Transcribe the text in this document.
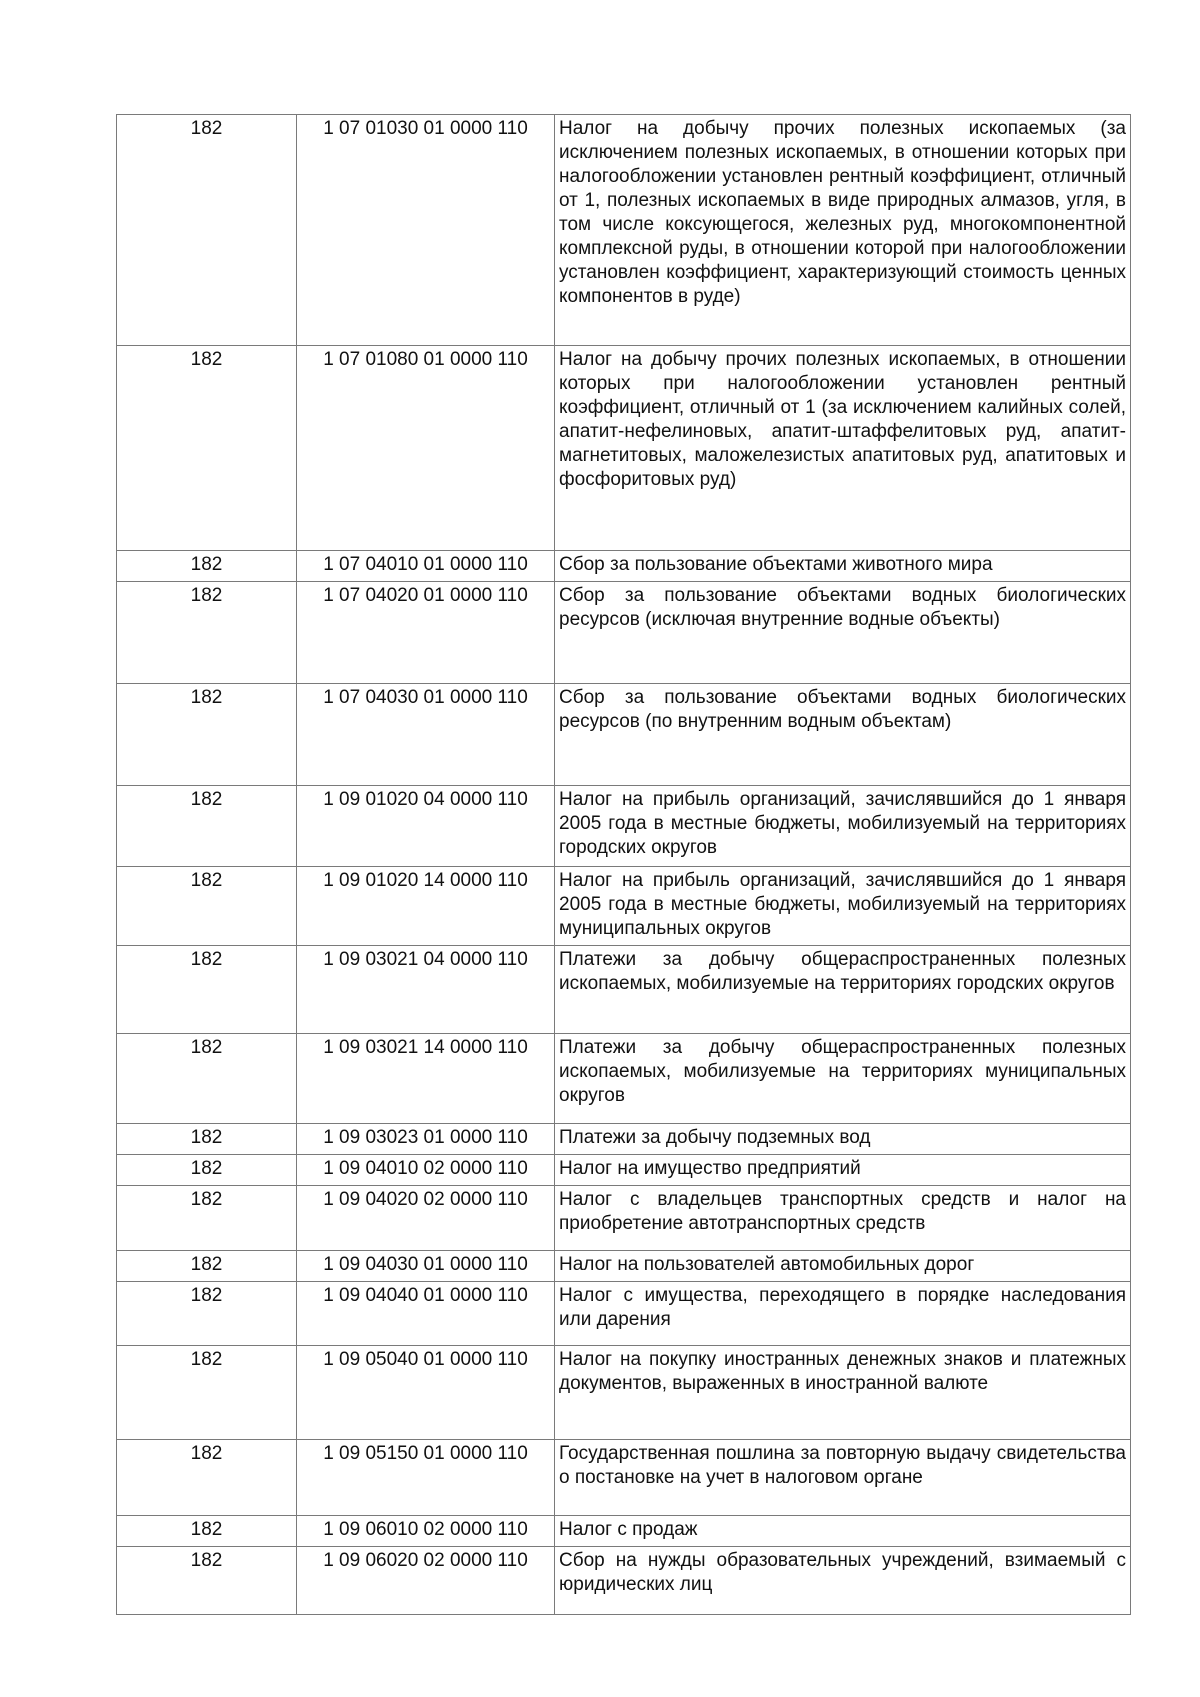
182	1 07 01030 01 0000 110	Налог на добычу прочих полезных ископаемых (за исключением полезных ископаемых, в отношении которых при налогообложении установлен рентный коэффициент, отличный от 1, полезных ископаемых в виде природных алмазов, угля, в том числе коксующегося, железных руд, многокомпонентной комплексной руды, в отношении которой при налогообложении установлен коэффициент, характеризующий стоимость ценных компонентов в руде)
182	1 07 01080 01 0000 110	Налог на добычу прочих полезных ископаемых, в отношении которых при налогообложении установлен рентный коэффициент, отличный от 1 (за исключением калийных солей, апатит-нефелиновых, апатит-штаффелитовых руд, апатит-магнетитовых, маложелезистых апатитовых руд, апатитовых и фосфоритовых руд)
182	1 07 04010 01 0000 110	Сбор за пользование объектами животного мира
182	1 07 04020 01 0000 110	Сбор за пользование объектами водных биологических ресурсов (исключая внутренние водные объекты)
182	1 07 04030 01 0000 110	Сбор за пользование объектами водных биологических ресурсов (по внутренним водным объектам)
182	1 09 01020 04 0000 110	Налог на прибыль организаций, зачислявшийся до 1 января 2005 года в местные бюджеты, мобилизуемый на территориях городских округов
182	1 09 01020 14 0000 110	Налог на прибыль организаций, зачислявшийся до 1 января 2005 года в местные бюджеты, мобилизуемый на территориях муниципальных округов
182	1 09 03021 04 0000 110	Платежи за добычу общераспространенных полезных ископаемых, мобилизуемые на территориях городских округов
182	1 09 03021 14 0000 110	Платежи за добычу общераспространенных полезных ископаемых, мобилизуемые на территориях муниципальных округов
182	1 09 03023 01 0000 110	Платежи за добычу подземных вод
182	1 09 04010 02 0000 110	Налог на имущество предприятий
182	1 09 04020 02 0000 110	Налог с владельцев транспортных средств и налог на приобретение автотранспортных средств
182	1 09 04030 01 0000 110	Налог на пользователей автомобильных дорог
182	1 09 04040 01 0000 110	Налог с имущества, переходящего в порядке наследования или дарения
182	1 09 05040 01 0000 110	Налог на покупку иностранных денежных знаков и платежных документов, выраженных в иностранной валюте
182	1 09 05150 01 0000 110	Государственная пошлина за повторную выдачу свидетельства о постановке на учет в налоговом органе
182	1 09 06010 02 0000 110	Налог с продаж
182	1 09 06020 02 0000 110	Сбор на нужды образовательных учреждений, взимаемый с юридических лиц
